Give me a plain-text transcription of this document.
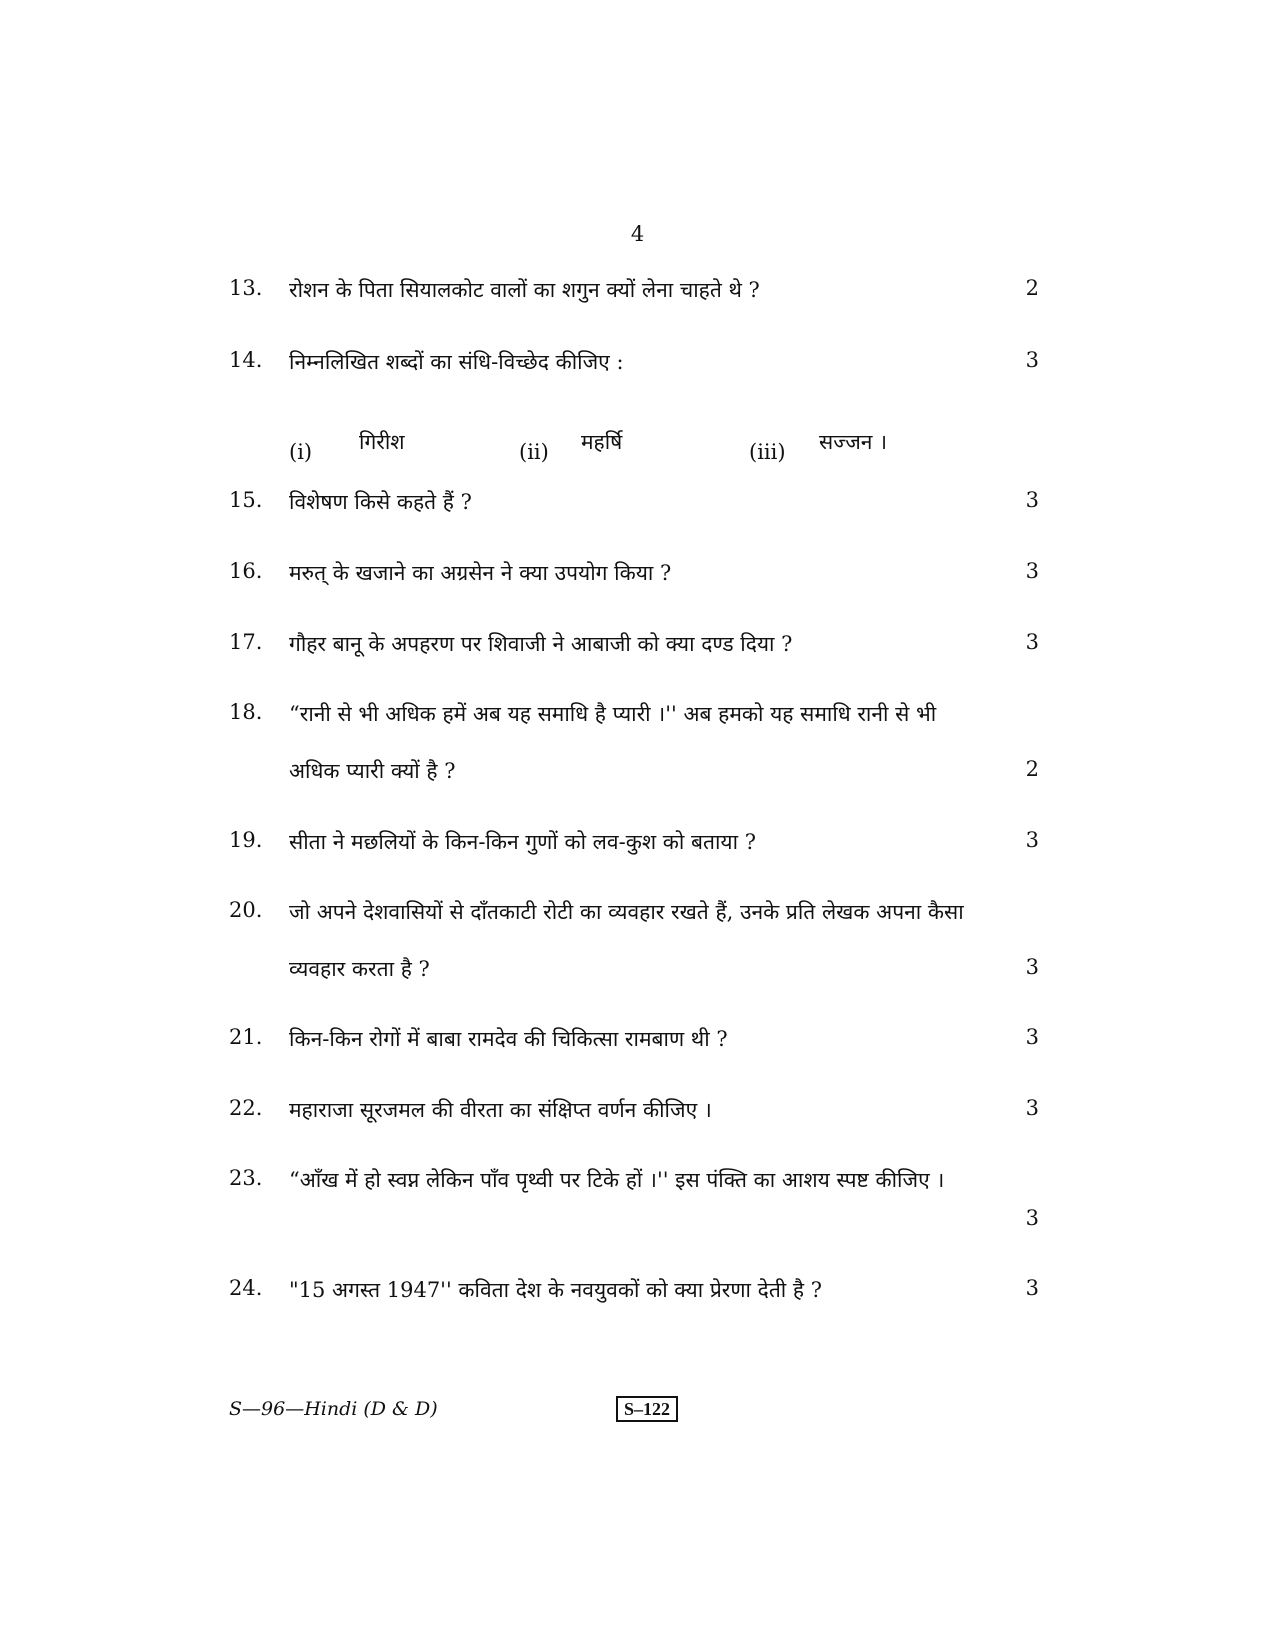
4
13. रोशन के पिता सियालकोट वालों का शगुन क्यों लेना चाहते थे ?	2
14. निम्नलिखित शब्दों का संधि-विच्छेद कीजिए :	3
(i) गिरीश	(ii) महर्षि	(iii) सज्जन ।
15. विशेषण किसे कहते हैं ?	3
16. मरुत् के खजाने का अग्रसेन ने क्या उपयोग किया ?	3
17. गौहर बानू के अपहरण पर शिवाजी ने आबाजी को क्या दण्ड दिया ?	3
18. “रानी से भी अधिक हमें अब यह समाधि है प्यारी ।'' अब हमको यह समाधि रानी से भी
अधिक प्यारी क्यों है ?	2
19. सीता ने मछलियों के किन-किन गुणों को लव-कुश को बताया ?	3
20. जो अपने देशवासियों से दाँतकाटी रोटी का व्यवहार रखते हैं, उनके प्रति लेखक अपना कैसा
व्यवहार करता है ?	3
21. किन-किन रोगों में बाबा रामदेव की चिकित्सा रामबाण थी ?	3
22. महाराजा सूरजमल की वीरता का संक्षिप्त वर्णन कीजिए ।	3
23. “आँख में हो स्वप्न लेकिन पाँव पृथ्वी पर टिके हों ।'' इस पंक्ति का आशय स्पष्ट कीजिए ।
3
24. "15 अगस्त 1947'' कविता देश के नवयुवकों को क्या प्रेरणा देती है ?	3
S—96—Hindi (D & D)	S–122
